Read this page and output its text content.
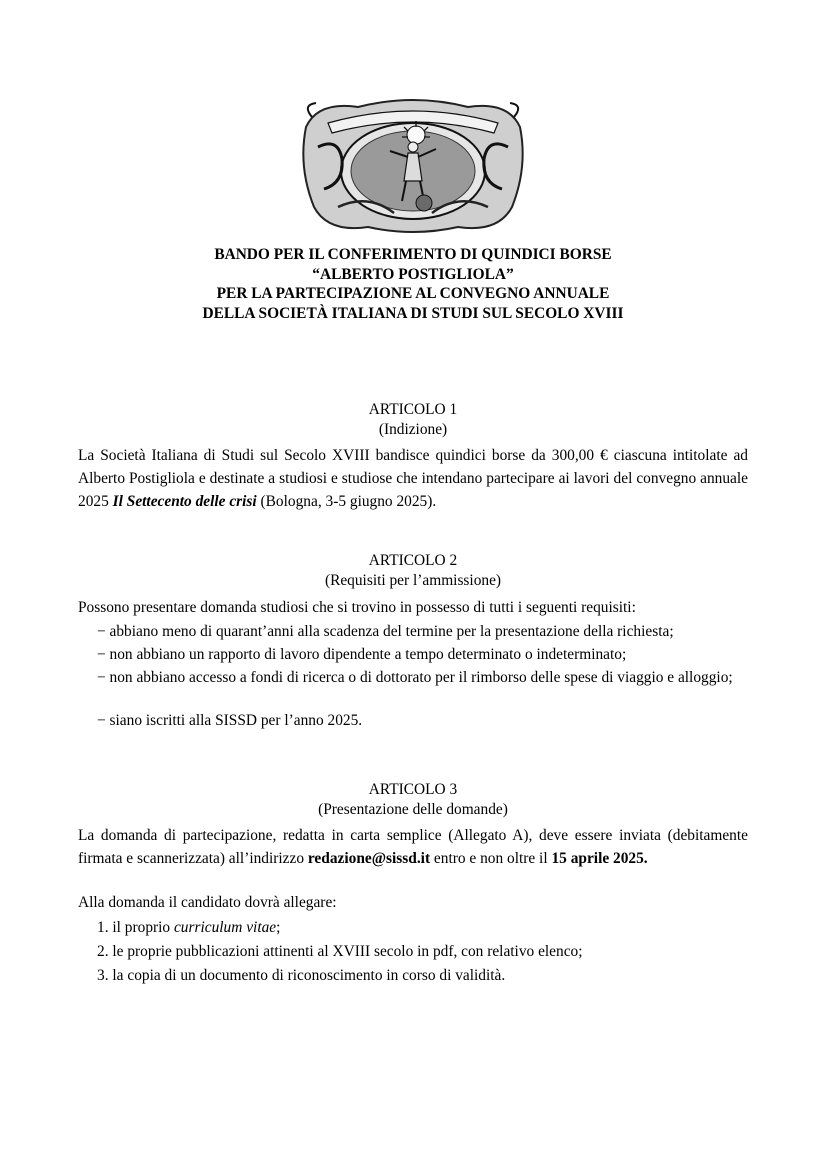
BANDO PER IL CONFERIMENTO DI QUINDICI BORSE
“ALBERTO POSTIGLIOLA”
PER LA PARTECIPAZIONE AL CONVEGNO ANNUALE
DELLA SOCIETÀ ITALIANA DI STUDI SUL SECOLO XVIII
ARTICOLO 1
(Indizione)
La Società Italiana di Studi sul Secolo XVIII bandisce quindici borse da 300,00 € ciascuna intitolate ad Alberto Postigliola e destinate a studiosi e studiose che intendano partecipare ai lavori del convegno annuale 2025 Il Settecento delle crisi (Bologna, 3-5 giugno 2025).
ARTICOLO 2
(Requisiti per l’ammissione)
Possono presentare domanda studiosi che si trovino in possesso di tutti i seguenti requisiti:
− abbiano meno di quarant’anni alla scadenza del termine per la presentazione della richiesta;
− non abbiano un rapporto di lavoro dipendente a tempo determinato o indeterminato;
− non abbiano accesso a fondi di ricerca o di dottorato per il rimborso delle spese di viaggio e alloggio;
− siano iscritti alla SISSD per l’anno 2025.
ARTICOLO 3
(Presentazione delle domande)
La domanda di partecipazione, redatta in carta semplice (Allegato A), deve essere inviata (debitamente firmata e scannerizzata) all’indirizzo redazione@sissd.it entro e non oltre il 15 aprile 2025.
Alla domanda il candidato dovrà allegare:
1. il proprio curriculum vitae;
2. le proprie pubblicazioni attinenti al XVIII secolo in pdf, con relativo elenco;
3. la copia di un documento di riconoscimento in corso di validità.
